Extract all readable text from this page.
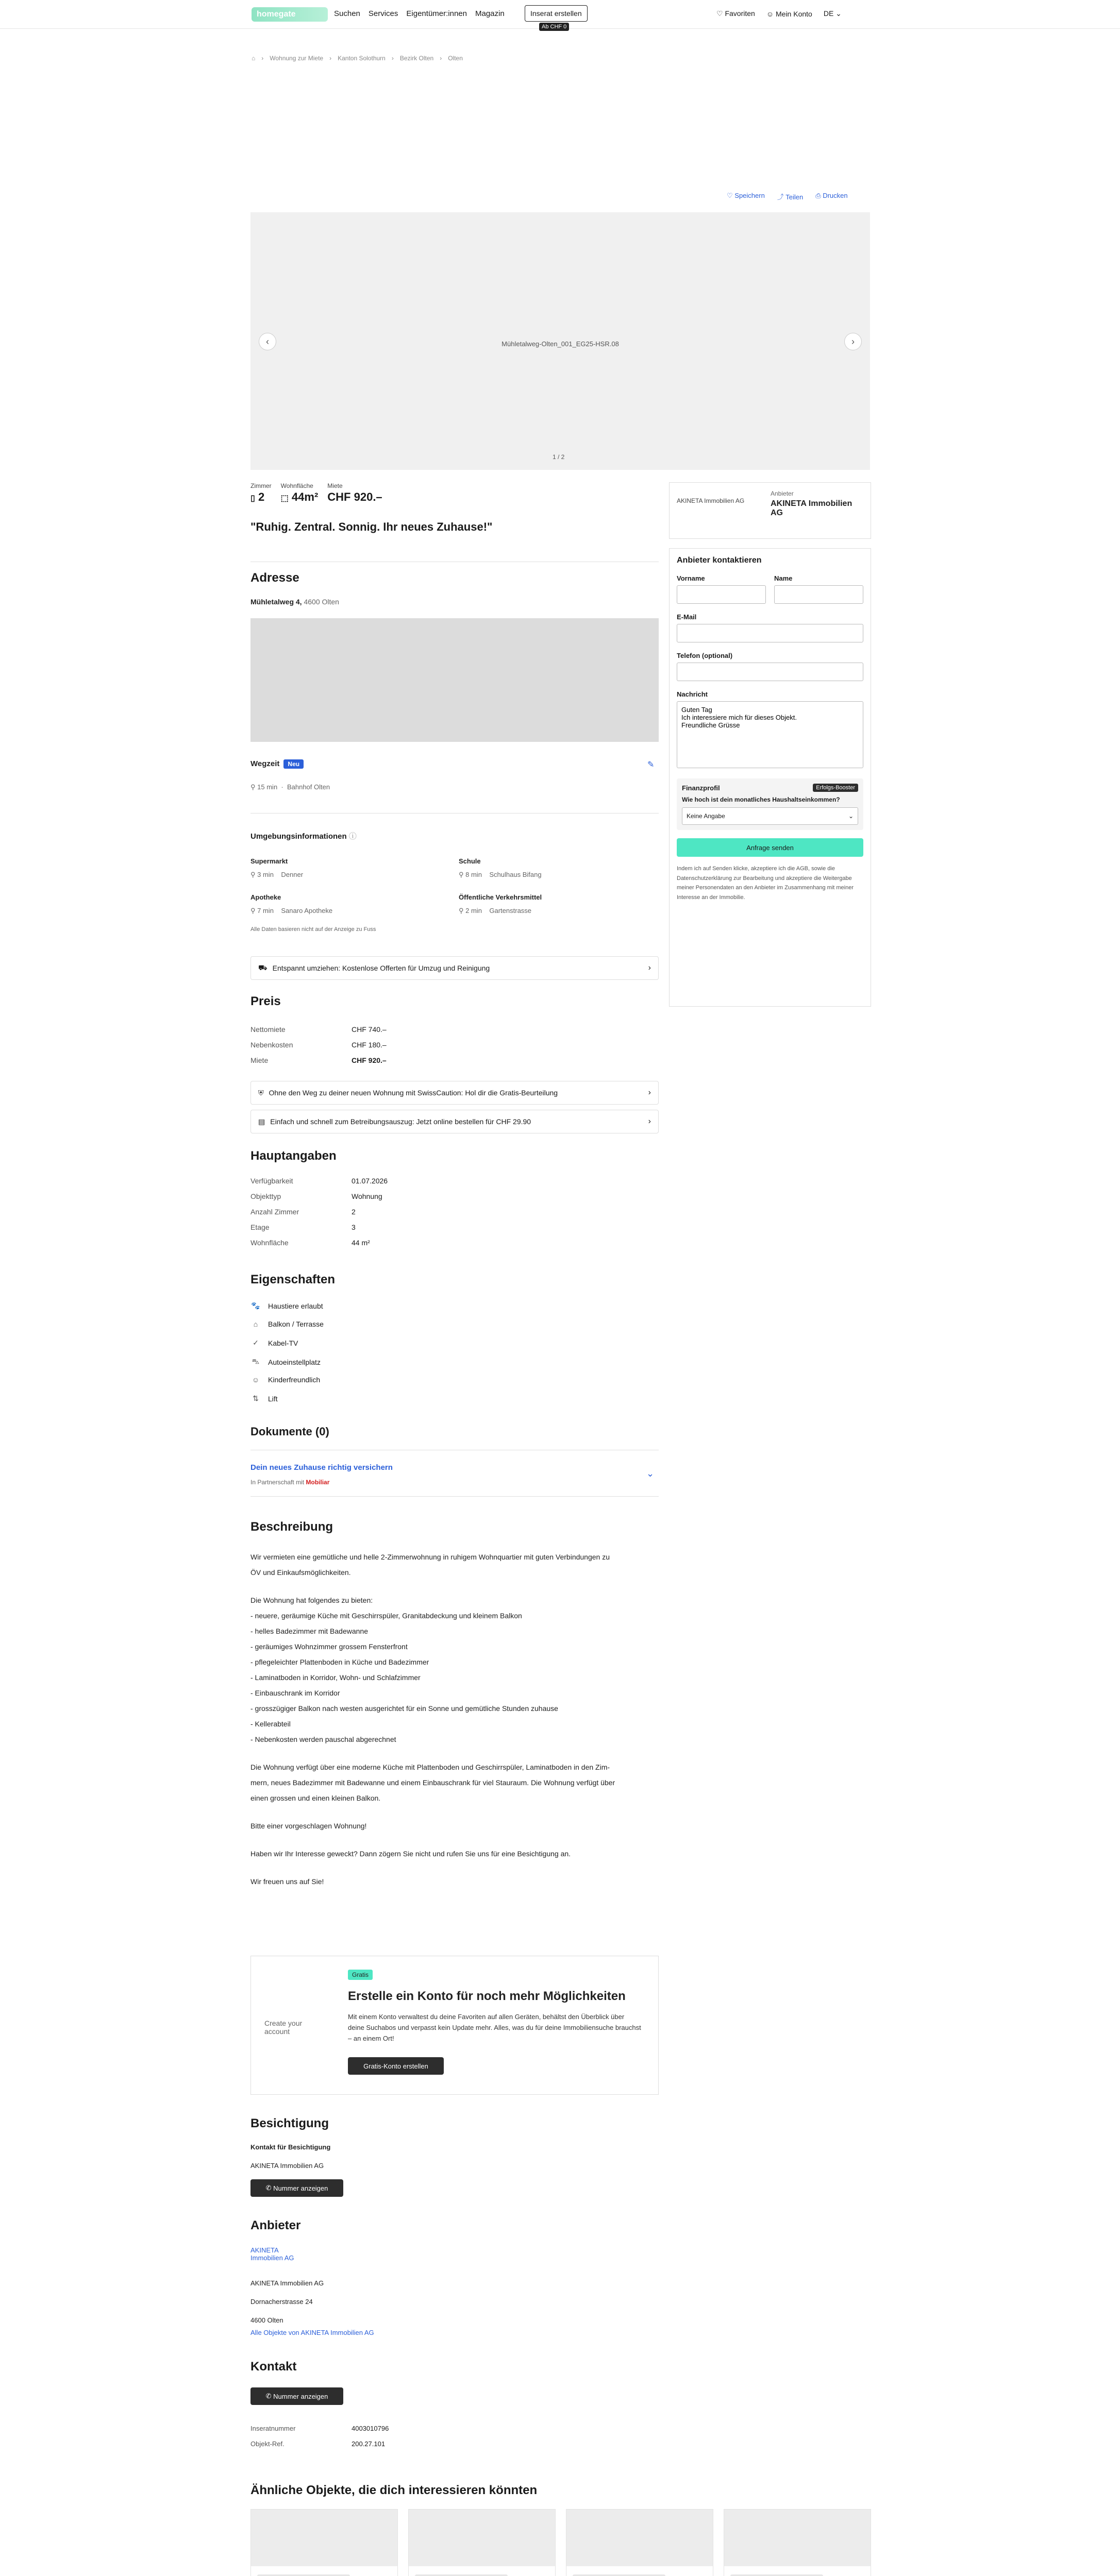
homegate	Suchen Services Eigentümer:innen Magazin	Inserat erstellen
Ab CHF 0
♡ Favoriten ☺ Mein Konto DE ⌄
⌂ › Wohnung zur Miete › Kanton Solothurn › Bezirk Olten › Olten
♡ Speichern ⤴ Teilen ⎙ Drucken
Mühletalweg-Olten_001_EG25-HSR.08
‹	›
1 / 2
Zimmer
▯ 2
Wohnfläche
⬚ 44m²
Miete
CHF 920.–
"Ruhig. Zentral. Sonnig. Ihr neues Zuhause!"
AKINETA Immobilien AG
Anbieter
AKINETA Immobilien AG
Anbieter kontaktieren
Vorname	Name
E-Mail
Telefon (optional)
Nachricht
Guten Tag Ich interessiere mich für dieses Objekt. Freundliche Grüsse
Finanzprofil	Erfolgs-Booster
Wie hoch ist dein monatliches Haushaltseinkommen?
Keine Angabe	⌄
Anfrage senden
Indem ich auf Senden klicke, akzeptiere ich die AGB, sowie die Datenschutzerklärung zur Bearbeitung und akzeptiere die Weitergabe meiner Personendaten an den Anbieter im Zusammenhang mit meiner Interesse an der Immobilie.
Adresse
Mühletalweg 4, 4600 Olten
Wegzeit Neu	✎
⚲ 15 min  ·  Bahnhof Olten
Umgebungsinformationen ⓘ
Supermarkt
⚲ 3 min Denner
Schule
⚲ 8 min Schulhaus Bifang
Apotheke
⚲ 7 min Sanaro Apotheke
Öffentliche Verkehrsmittel
⚲ 2 min Gartenstrasse
Alle Daten basieren nicht auf der Anzeige zu Fuss
⛟ Entspannt umziehen: Kostenlose Offerten für Umzug und Reinigung	›
Preis
Nettomiete	CHF 740.–
Nebenkosten	CHF 180.–
Miete	CHF 920.–
⛨ Ohne den Weg zu deiner neuen Wohnung mit SwissCaution: Hol dir die Gratis-Beurteilung	›
▤ Einfach und schnell zum Betreibungsauszug: Jetzt online bestellen für CHF 29.90	›
Hauptangaben
Verfügbarkeit	01.07.2026
Objekttyp	Wohnung
Anzahl Zimmer	2
Etage	3
Wohnfläche	44 m²
Eigenschaften
🐾 Haustiere erlaubt
⌂	Balkon / Terrasse
✓ Kabel-TV
⛍ Autoeinstellplatz
☺ Kinderfreundlich
⇅ Lift
Dokumente (0)
Dein neues Zuhause richtig versichern
In Partnerschaft mit Mobiliar
⌄
Beschreibung
Wir vermieten eine gemütliche und helle 2-Zimmerwohnung in ruhigem Wohnquartier mit guten Verbindungen zu
ÖV und Einkaufsmöglichkeiten.
Die Wohnung hat folgendes zu bieten:
- neuere, geräumige Küche mit Geschirrspüler, Granitabdeckung und kleinem Balkon
- helles Badezimmer mit Badewanne
- geräumiges Wohnzimmer grossem Fensterfront
- pflegeleichter Plattenboden in Küche und Badezimmer
- Laminatboden in Korridor, Wohn- und Schlafzimmer
- Einbauschrank im Korridor
- grosszügiger Balkon nach westen ausgerichtet für ein Sonne und gemütliche Stunden zuhause
- Kellerabteil
- Nebenkosten werden pauschal abgerechnet
Die Wohnung verfügt über eine moderne Küche mit Plattenboden und Geschirrspüler, Laminatboden in den Zim-
mern, neues Badezimmer mit Badewanne und einem Einbauschrank für viel Stauraum. Die Wohnung verfügt über
einen grossen und einen kleinen Balkon.
Bitte einer vorgeschlagen Wohnung!
Haben wir Ihr Interesse geweckt? Dann zögern Sie nicht und rufen Sie uns für eine Besichtigung an.
Wir freuen uns auf Sie!
Create your account
Gratis
Erstelle ein Konto für noch mehr Möglichkeiten
Mit einem Konto verwaltest du deine Favoriten auf allen Geräten, behältst den Überblick über deine Suchabos und verpasst kein Update mehr. Alles, was du für deine Immobiliensuche brauchst – an einem Ort!
Gratis-Konto erstellen
Besichtigung
Kontakt für Besichtigung
AKINETA Immobilien AG
✆
Nummer anzeigen
Anbieter
AKINETA
Immobilien AG
AKINETA Immobilien AG
Dornacherstrasse 24
4600 Olten
Alle Objekte von AKINETA Immobilien AG
Kontakt
✆
Nummer anzeigen
Inseratnummer	4003010796
Objekt-Ref.	200.27.101
Ähnliche Objekte, die dich interessieren könnten
